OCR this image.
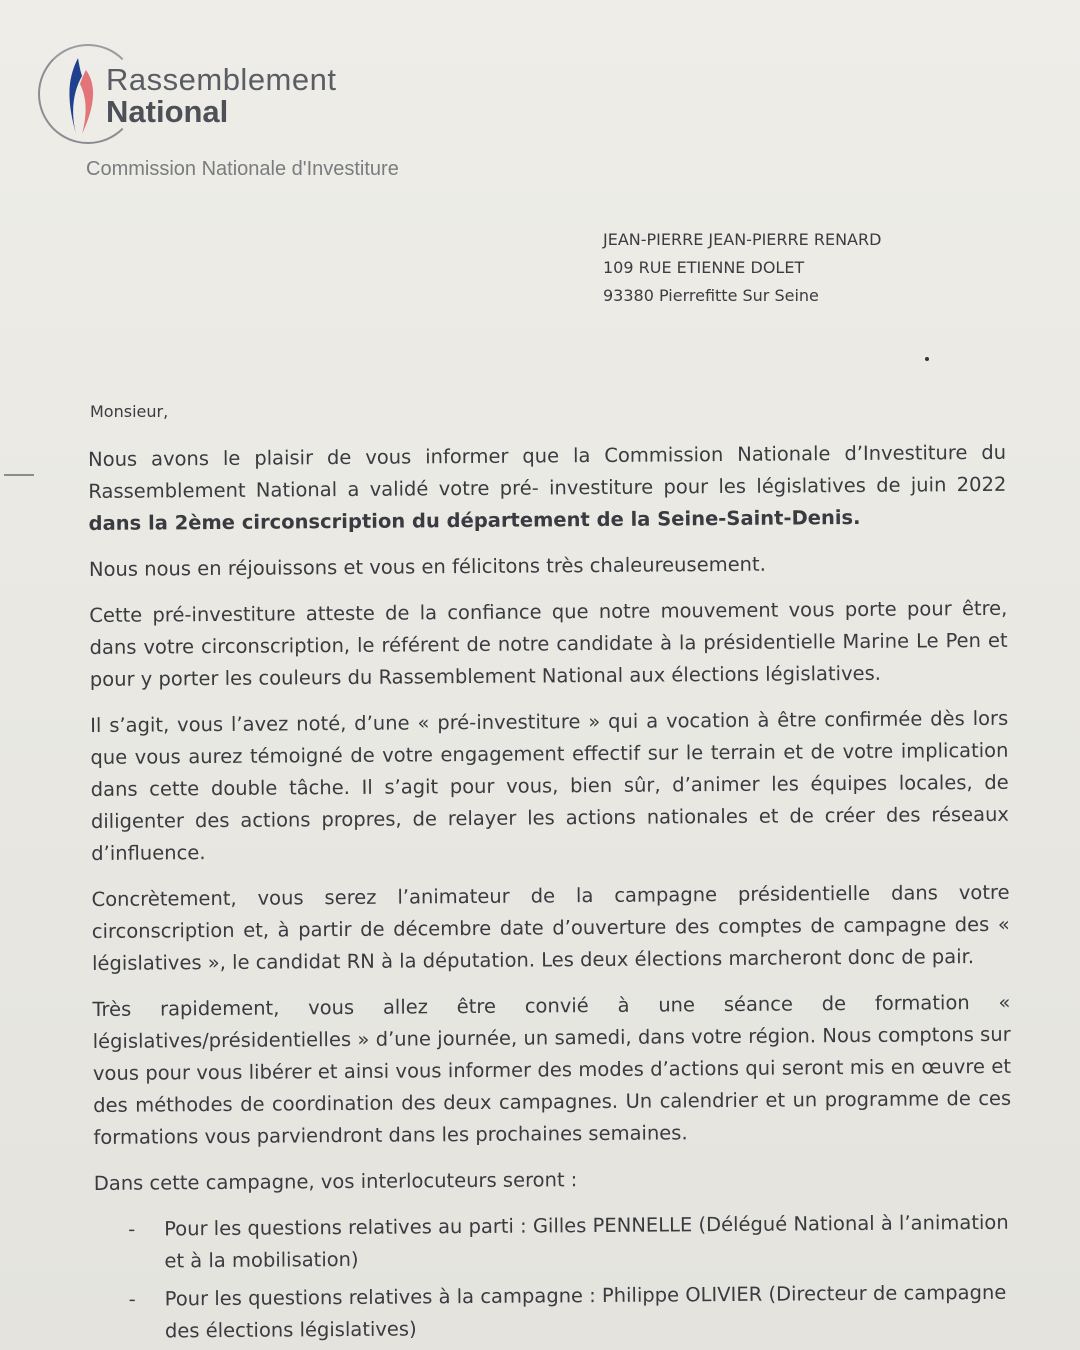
Rassemblement
National
Commission Nationale d'Investiture
JEAN-PIERRE JEAN-PIERRE RENARD
109 RUE ETIENNE DOLET
93380 Pierrefitte Sur Seine
Monsieur,

Nous avons le plaisir de vous informer que la Commission Nationale d’Investiture du Rassemblement National a validé votre pré- investiture pour les législatives de juin 2022 dans la 2ème circonscription du département de la Seine-Saint-Denis.

Nous nous en réjouissons et vous en félicitons très chaleureusement.

Cette pré-investiture atteste de la confiance que notre mouvement vous porte pour être, dans votre circonscription, le référent de notre candidate à la présidentielle Marine Le Pen et pour y porter les couleurs du Rassemblement National aux élections législatives.

Il s’agit, vous l’avez noté, d’une « pré-investiture » qui a vocation à être confirmée dès lors que vous aurez témoigné de votre engagement effectif sur le terrain et de votre implication dans cette double tâche. Il s’agit pour vous, bien sûr, d’animer les équipes locales, de diligenter des actions propres, de relayer les actions nationales et de créer des réseaux d’influence.

Concrètement, vous serez l’animateur de la campagne présidentielle dans votre circonscription et, à partir de décembre date d’ouverture des comptes de campagne des « législatives », le candidat RN à la députation. Les deux élections marcheront donc de pair.

Très rapidement, vous allez être convié à une séance de formation « législatives/présidentielles » d’une journée, un samedi, dans votre région. Nous comptons sur vous pour vous libérer et ainsi vous informer des modes d’actions qui seront mis en œuvre et des méthodes de coordination des deux campagnes. Un calendrier et un programme de ces formations vous parviendront dans les prochaines semaines.

Dans cette campagne, vos interlocuteurs seront :

- Pour les questions relatives au parti : Gilles PENNELLE (Délégué National à l’animation et à la mobilisation)
- Pour les questions relatives à la campagne : Philippe OLIVIER (Directeur de campagne des élections législatives)
